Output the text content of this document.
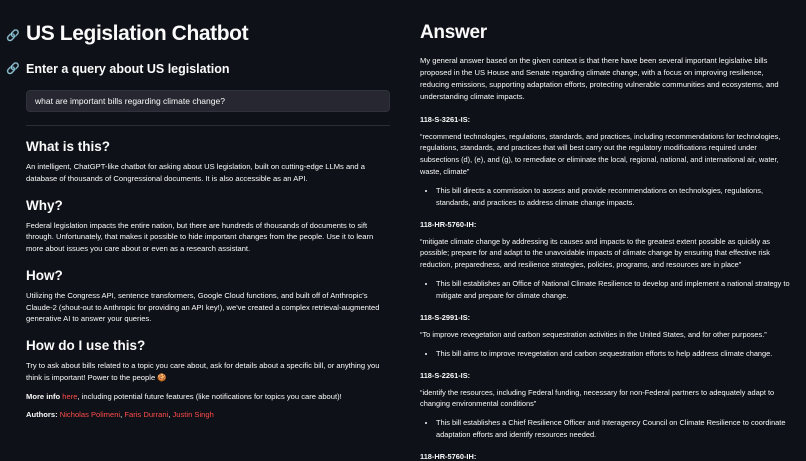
🔗 US Legislation Chatbot
🔗 Enter a query about US legislation
what are important bills regarding climate change?
What is this?

An intelligent, ChatGPT-like chatbot for asking about US legislation, built on cutting-edge LLMs and a database of thousands of Congressional documents. It is also accessible as an API.

Why?

Federal legislation impacts the entire nation, but there are hundreds of thousands of documents to sift through. Unfortunately, that makes it possible to hide important changes from the people. Use it to learn more about issues you care about or even as a research assistant.

How?

Utilizing the Congress API, sentence transformers, Google Cloud functions, and built off of Anthropic's Claude-2 (shout-out to Anthropic for providing an API key!), we've created a complex retrieval-augmented generative AI to answer your queries.

How do I use this?

Try to ask about bills related to a topic you care about, ask for details about a specific bill, or anything you think is important! Power to the people 🍪

More info here, including potential future features (like notifications for topics you care about)!

Authors: Nicholas Polimeni, Faris Durrani, Justin Singh

Answer

My general answer based on the given context is that there have been several important legislative bills proposed in the US House and Senate regarding climate change, with a focus on improving resilience, reducing emissions, supporting adaptation efforts, protecting vulnerable communities and ecosystems, and understanding climate impacts.

118-S-3261-IS:

“recommend technologies, regulations, standards, and practices, including recommendations for technologies, regulations, standards, and practices that will best carry out the regulatory modifications required under subsections (d), (e), and (g), to remediate or eliminate the local, regional, national, and international air, water, waste, climate”

• This bill directs a commission to assess and provide recommendations on technologies, regulations, standards, and practices to address climate change impacts.

118-HR-5760-IH:

“mitigate climate change by addressing its causes and impacts to the greatest extent possible as quickly as possible; prepare for and adapt to the unavoidable impacts of climate change by ensuring that effective risk reduction, preparedness, and resilience strategies, policies, programs, and resources are in place”

• This bill establishes an Office of National Climate Resilience to develop and implement a national strategy to mitigate and prepare for climate change.

118-S-2991-IS:

“To improve revegetation and carbon sequestration activities in the United States, and for other purposes.”

• This bill aims to improve revegetation and carbon sequestration efforts to help address climate change.

118-S-2261-IS:

“identify the resources, including Federal funding, necessary for non-Federal partners to adequately adapt to changing environmental conditions”

• This bill establishes a Chief Resilience Officer and Interagency Council on Climate Resilience to coordinate adaptation efforts and identify resources needed.

118-HR-5760-IH:
